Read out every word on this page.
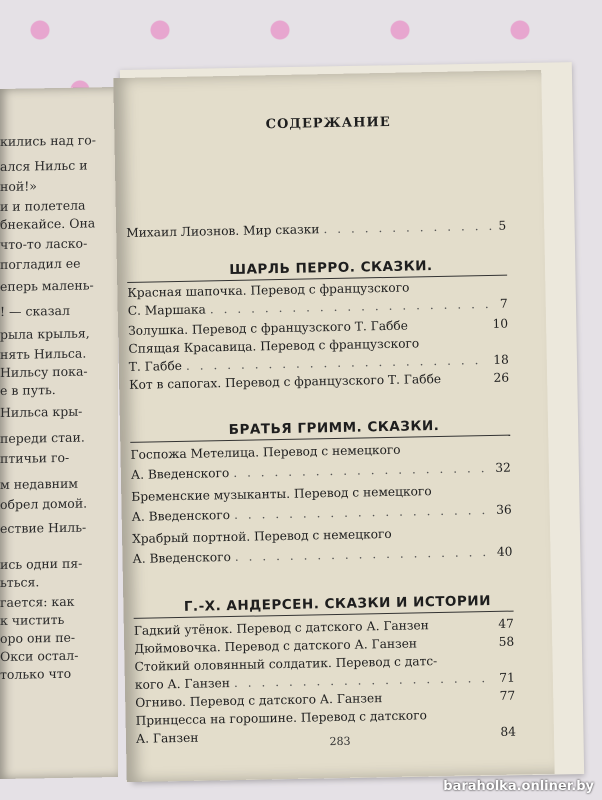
кились над го-
ался Нильс и
ной!»
и и полетела
бнекайсе. Она
что-то ласко-
погладил ее
еперь малень-
! — сказал
рыла крылья,
нять Нильса.
Нильсу пока-
е в путь.
Нильса кры-
переди стаи.
птичьи го-
м недавним
обрел домой.
ествие Ниль-
ись одни пя-
ьться.
гается: как
к чистить
оро они пе-
Окси остал-
только что
СОДЕРЖАНИЕ
Михаил Лиознов. Мир сказки . . .	5
ШАРЛЬ ПЕРРО. СКАЗКИ.
Красная шапочка. Перевод с французского
С. Маршака . . .	7
Золушка. Перевод с французского Т. Габбе	10
Спящая Красавица. Перевод с французского
Т. Габбе . . .	18
Кот в сапогах. Перевод с французского Т. Габбе	26
БРАТЬЯ ГРИММ. СКАЗКИ.
Госпожа Метелица. Перевод с немецкого
А. Введенского . . .	32
Бременские музыканты. Перевод с немецкого
А. Введенского . . .	36
Храбрый портной. Перевод с немецкого
А. Введенского . . .	40
Г.-Х. АНДЕРСЕН. СКАЗКИ И ИСТОРИИ
Гадкий утёнок. Перевод с датского А. Ганзен	47
Дюймовочка. Перевод с датского А. Ганзен	58
Стойкий оловянный солдатик. Перевод с датс-
кого А. Ганзен . . .	71
Огниво. Перевод с датского А. Ганзен	77
Принцесса на горошине. Перевод с датского
А. Ганзен	84
283
baraholka.onliner.by
